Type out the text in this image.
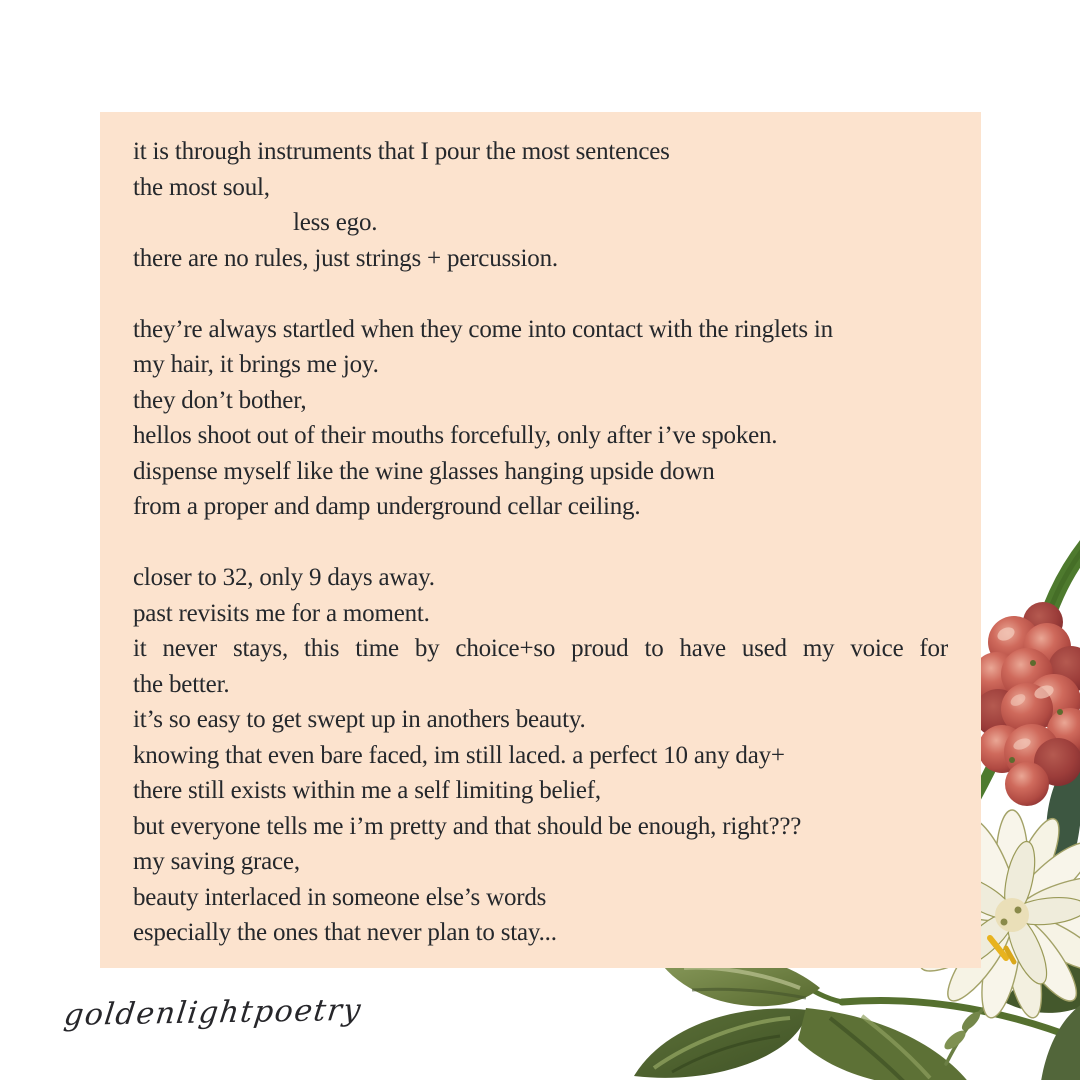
it is through instruments that I pour the most sentences
the most soul,
less ego.
there are no rules, just strings + percussion.
they’re always startled when they come into contact with the ringlets in
my hair, it brings me joy.
they don’t bother,
hellos shoot out of their mouths forcefully, only after i’ve spoken.
dispense myself like the wine glasses hanging upside down
from a proper and damp underground cellar ceiling.
closer to 32, only 9 days away.
past revisits me for a moment.
it never stays, this time by choice+so proud to have used my voice for
the better.
it’s so easy to get swept up in anothers beauty.
knowing that even bare faced, im still laced. a perfect 10 any day+
there still exists within me a self limiting belief,
but everyone tells me i’m pretty and that should be enough, right???
my saving grace,
beauty interlaced in someone else’s words
especially the ones that never plan to stay...
goldenlightpoetry
